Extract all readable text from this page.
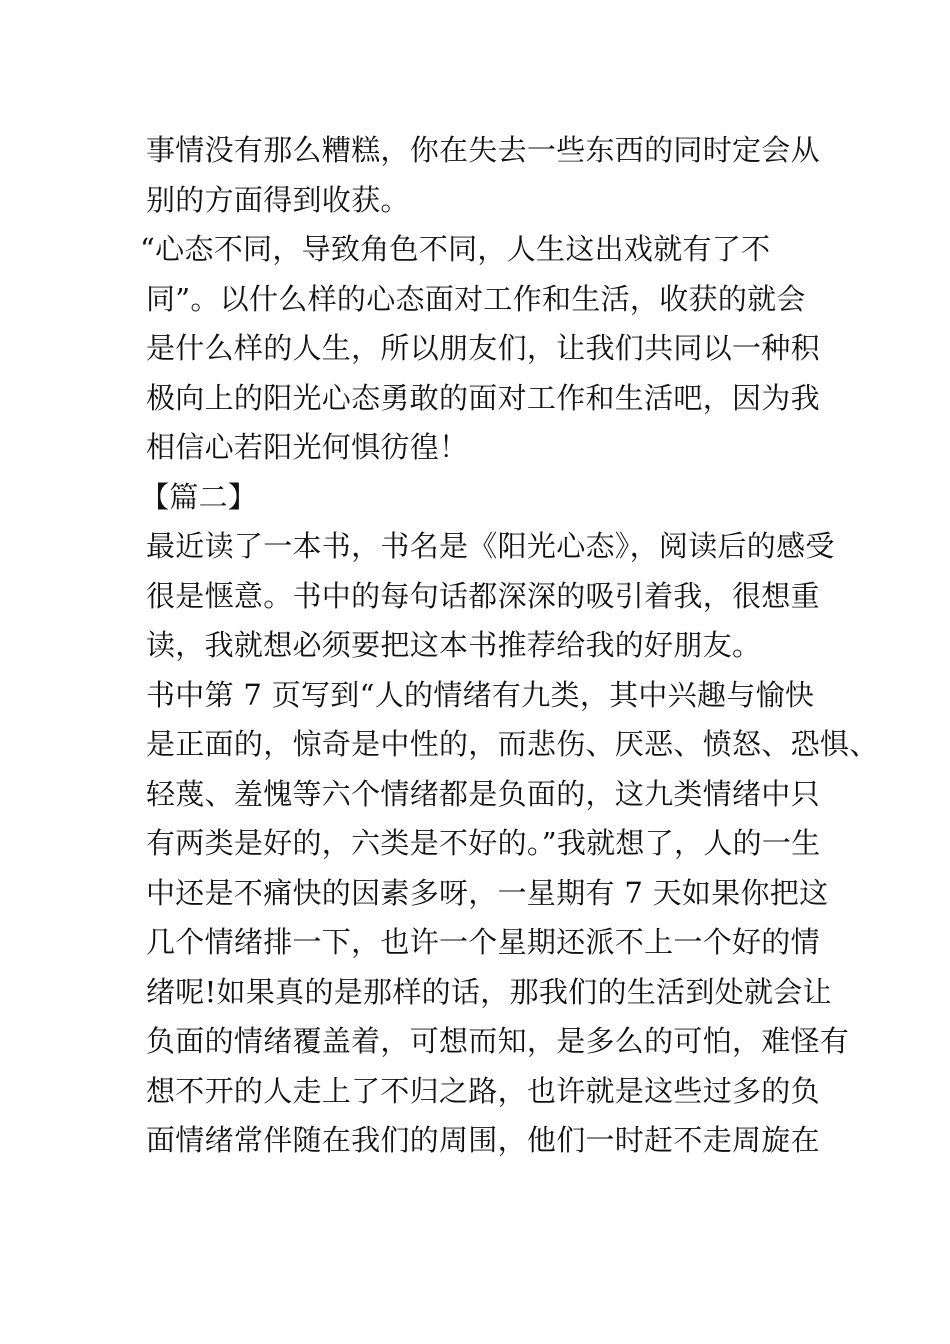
事情没有那么糟糕，你在失去一些东西的同时定会从
别的方面得到收获。
“心态不同，导致角色不同，人生这出戏就有了不
同”。以什么样的心态面对工作和生活，收获的就会
是什么样的人生，所以朋友们，让我们共同以一种积
极向上的阳光心态勇敢的面对工作和生活吧，因为我
相信心若阳光何惧彷徨！
【篇二】
最近读了一本书，书名是《阳光心态》，阅读后的感受
很是惬意。书中的每句话都深深的吸引着我，很想重
读，我就想必须要把这本书推荐给我的好朋友。
书中第 7 页写到“人的情绪有九类，其中兴趣与愉快
是正面的，惊奇是中性的，而悲伤、厌恶、愤怒、恐惧、
轻蔑、羞愧等六个情绪都是负面的，这九类情绪中只
有两类是好的，六类是不好的。”我就想了，人的一生
中还是不痛快的因素多呀，一星期有 7 天如果你把这
几个情绪排一下，也许一个星期还派不上一个好的情
绪呢!如果真的是那样的话，那我们的生活到处就会让
负面的情绪覆盖着，可想而知，是多么的可怕，难怪有
想不开的人走上了不归之路，也许就是这些过多的负
面情绪常伴随在我们的周围，他们一时赶不走周旋在
